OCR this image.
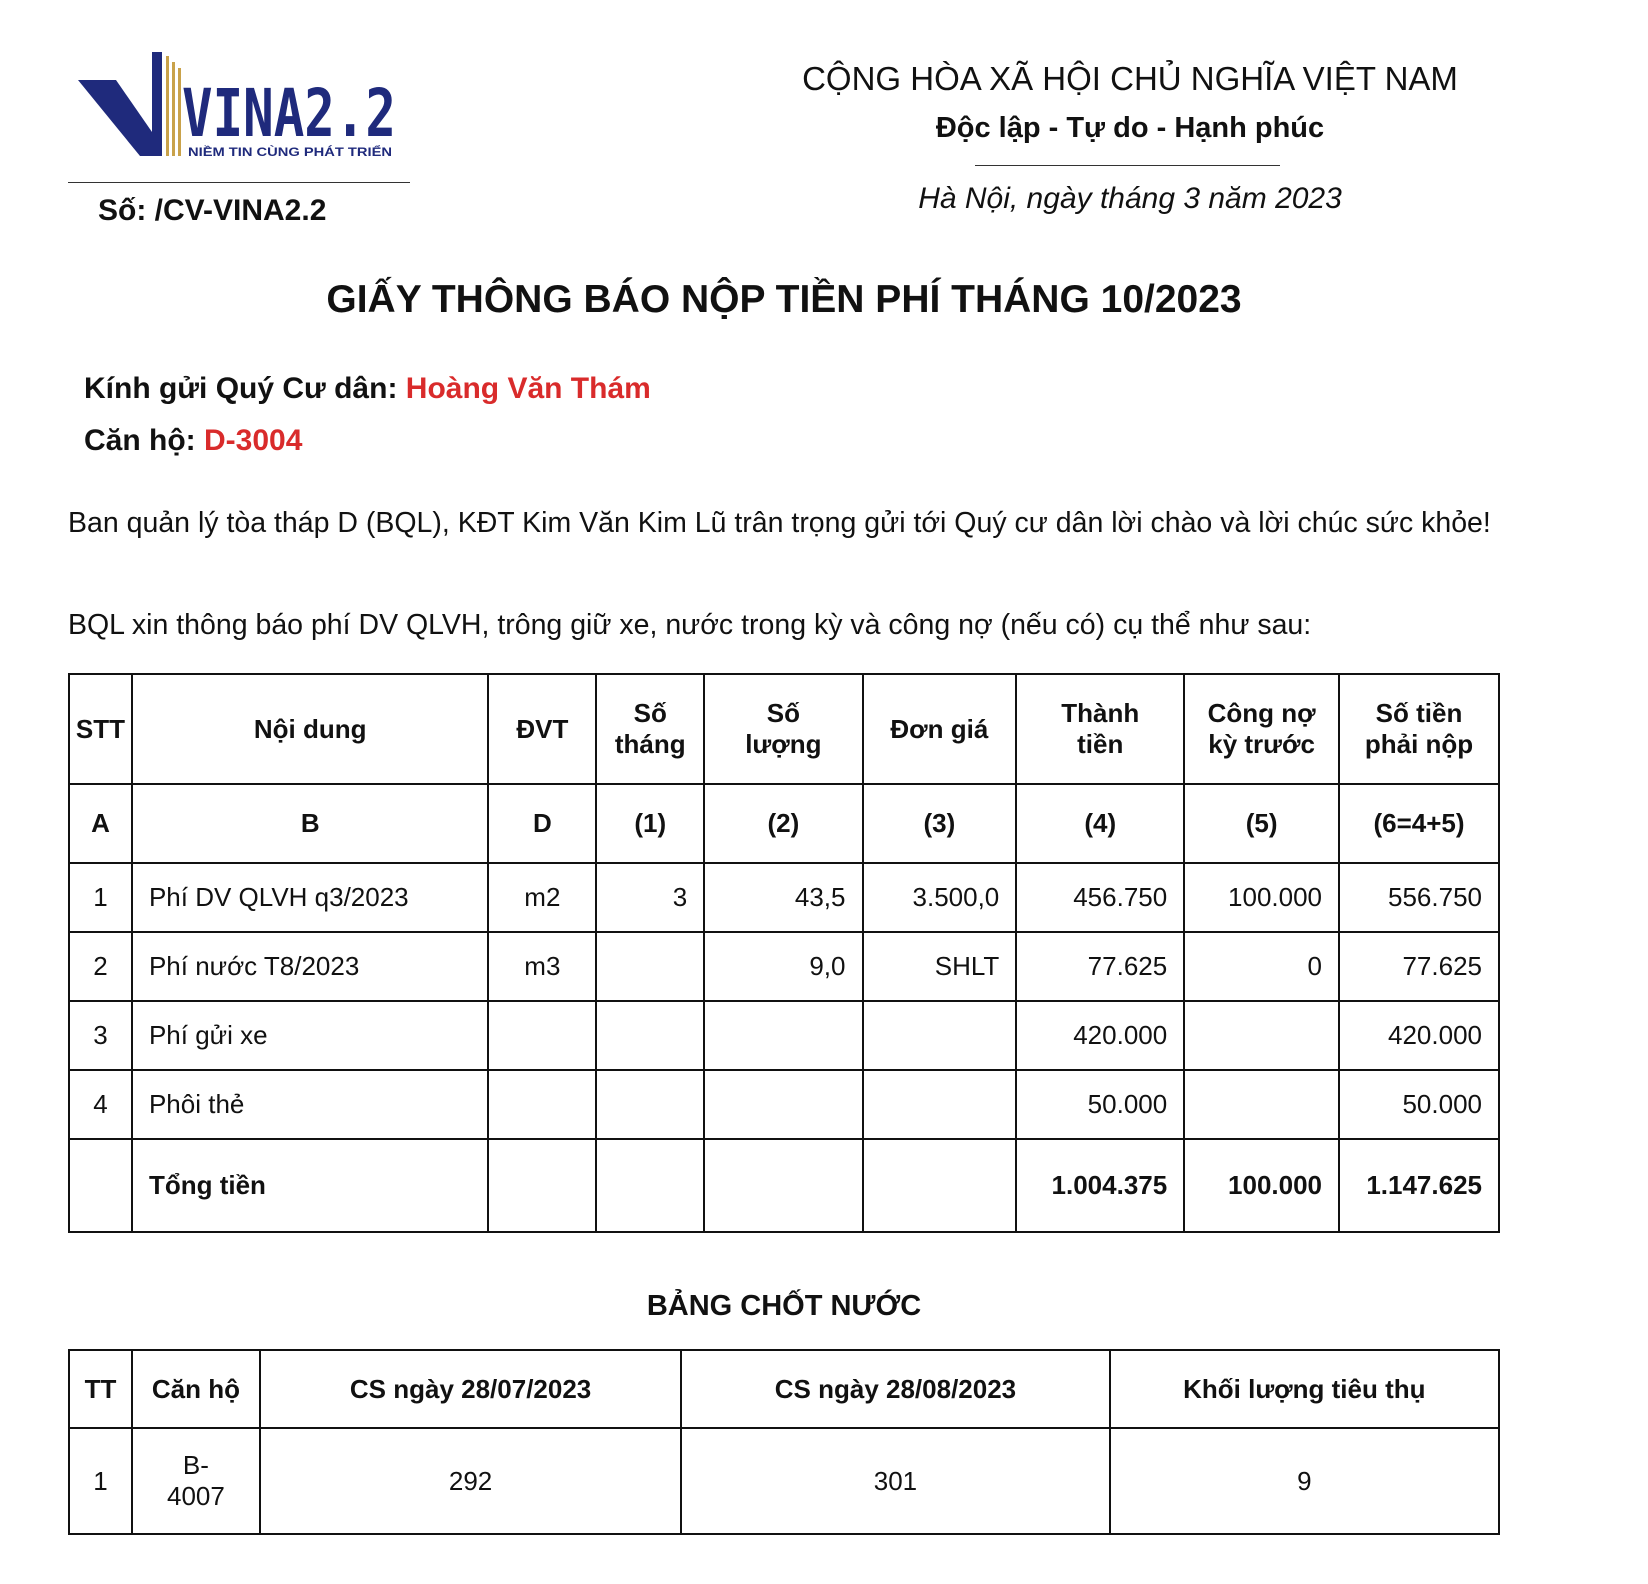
VINA2.2
NIỀM TIN CÙNG PHÁT TRIỂN
Số: /CV-VINA2.2
CỘNG HÒA XÃ HỘI CHỦ NGHĨA VIỆT NAM
Độc lập - Tự do - Hạnh phúc
Hà Nội, ngày tháng 3 năm 2023
GIẤY THÔNG BÁO NỘP TIỀN PHÍ THÁNG 10/2023
Kính gửi Quý Cư dân: Hoàng Văn Thám
Căn hộ: D-3004
Ban quản lý tòa tháp D (BQL), KĐT Kim Văn Kim Lũ trân trọng gửi tới Quý cư dân lời chào và lời chúc sức khỏe!
BQL xin thông báo phí DV QLVH, trông giữ xe, nước trong kỳ và công nợ (nếu có) cụ thể như sau:
STT	Nội dung	ĐVT	Số tháng	Số lượng	Đơn giá	Thành tiền	Công nợ kỳ trước	Số tiền phải nộp
A	B	D	(1)	(2)	(3)	(4)	(5)	(6=4+5)
1	Phí DV QLVH q3/2023	m2	3	43,5	3.500,0	456.750	100.000	556.750
2	Phí nước T8/2023	m3		9,0	SHLT	77.625	0	77.625
3	Phí gửi xe					420.000		420.000
4	Phôi thẻ					50.000		50.000
	Tổng tiền					1.004.375	100.000	1.147.625
BẢNG CHỐT NƯỚC
TT	Căn hộ	CS ngày 28/07/2023	CS ngày 28/08/2023	Khối lượng tiêu thụ
1	B-4007	292	301	9
